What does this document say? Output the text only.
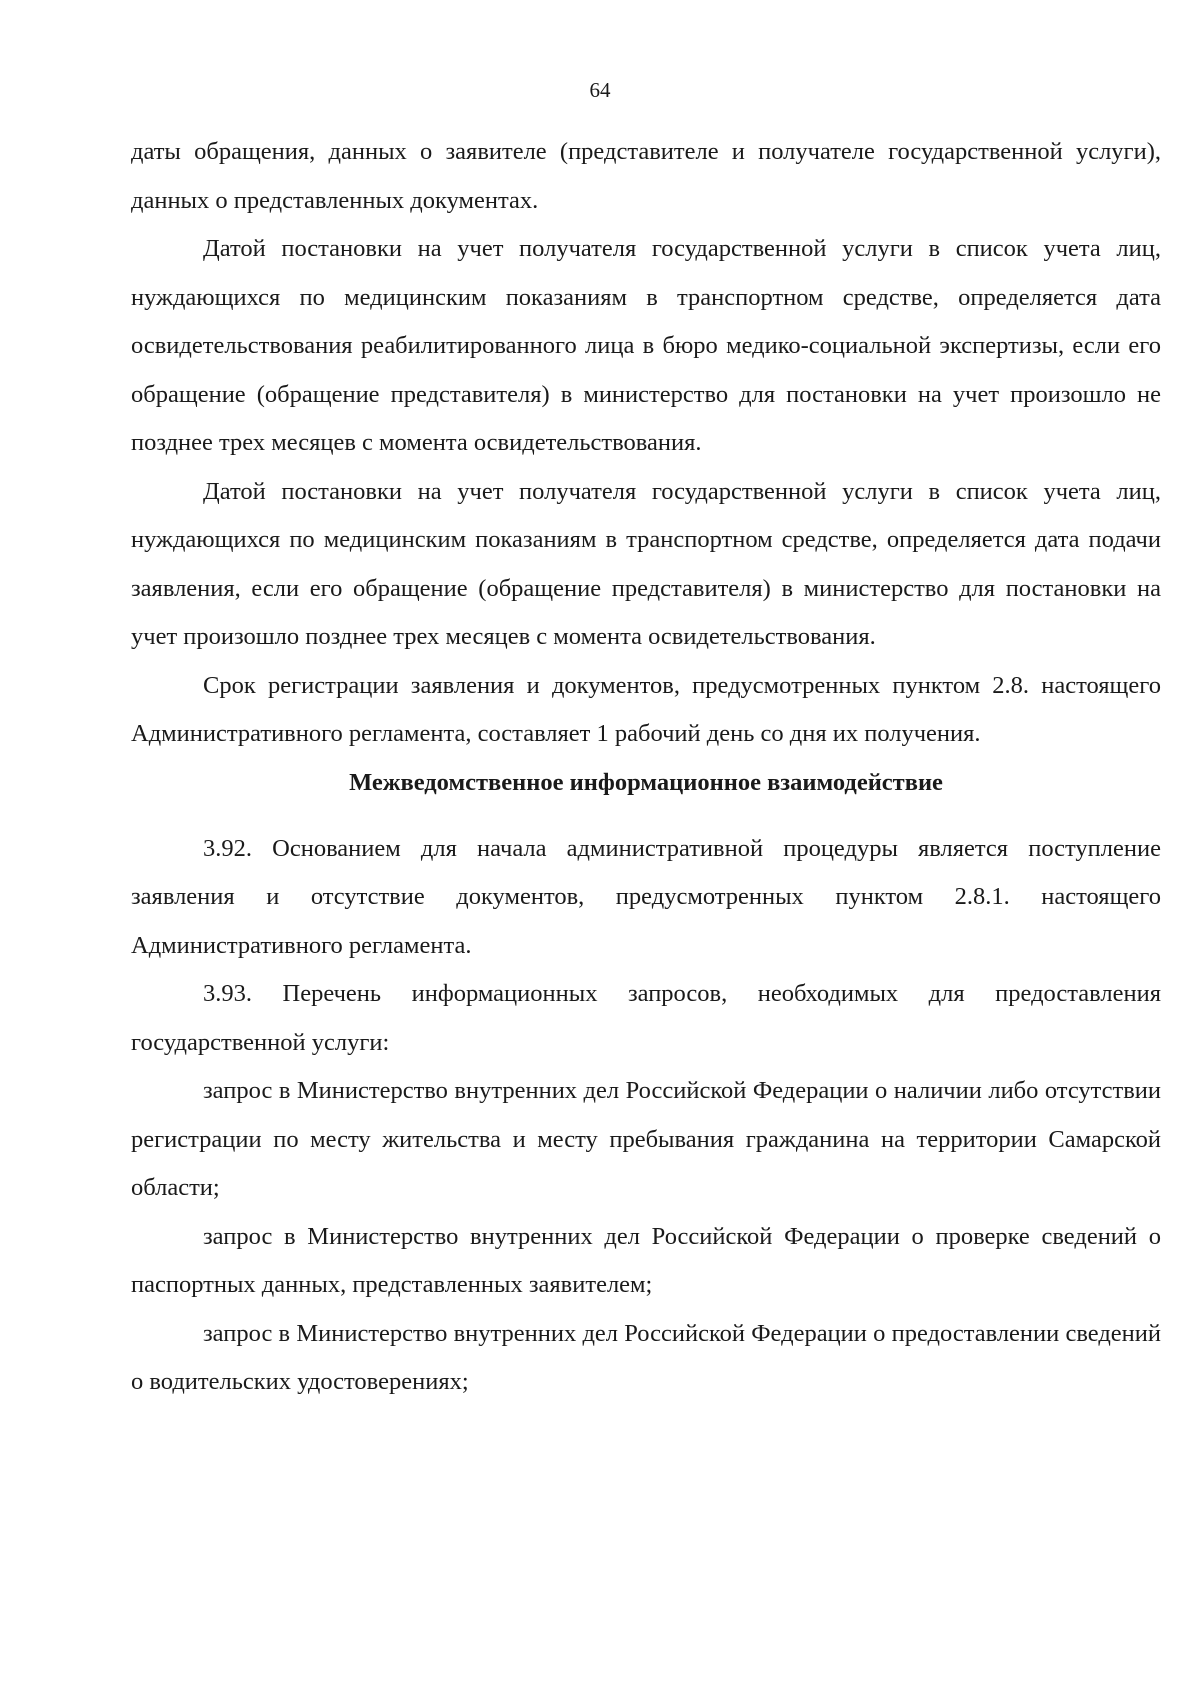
64

даты обращения, данных о заявителе (представителе и получателе государственной услуги), данных о представленных документах.

Датой постановки на учет получателя государственной услуги в список учета лиц, нуждающихся по медицинским показаниям в транспортном средстве, определяется дата освидетельствования реабилитированного лица в бюро медико-социальной экспертизы, если его обращение (обращение представителя) в министерство для постановки на учет произошло не позднее трех месяцев с момента освидетельствования.

Датой постановки на учет получателя государственной услуги в список учета лиц, нуждающихся по медицинским показаниям в транспортном средстве, определяется дата подачи заявления, если его обращение (обращение представителя) в министерство для постановки на учет произошло позднее трех месяцев с момента освидетельствования.

Срок регистрации заявления и документов, предусмотренных пунктом 2.8. настоящего Административного регламента, составляет 1 рабочий день со дня их получения.

Межведомственное информационное взаимодействие

3.92. Основанием для начала административной процедуры является поступление заявления и отсутствие документов, предусмотренных пунктом 2.8.1. настоящего Административного регламента.

3.93. Перечень информационных запросов, необходимых для предоставления государственной услуги:

запрос в Министерство внутренних дел Российской Федерации о наличии либо отсутствии регистрации по месту жительства и месту пребывания гражданина на территории Самарской области;

запрос в Министерство внутренних дел Российской Федерации о проверке сведений о паспортных данных, представленных заявителем;

запрос в Министерство внутренних дел Российской Федерации о предоставлении сведений о водительских удостоверениях;
